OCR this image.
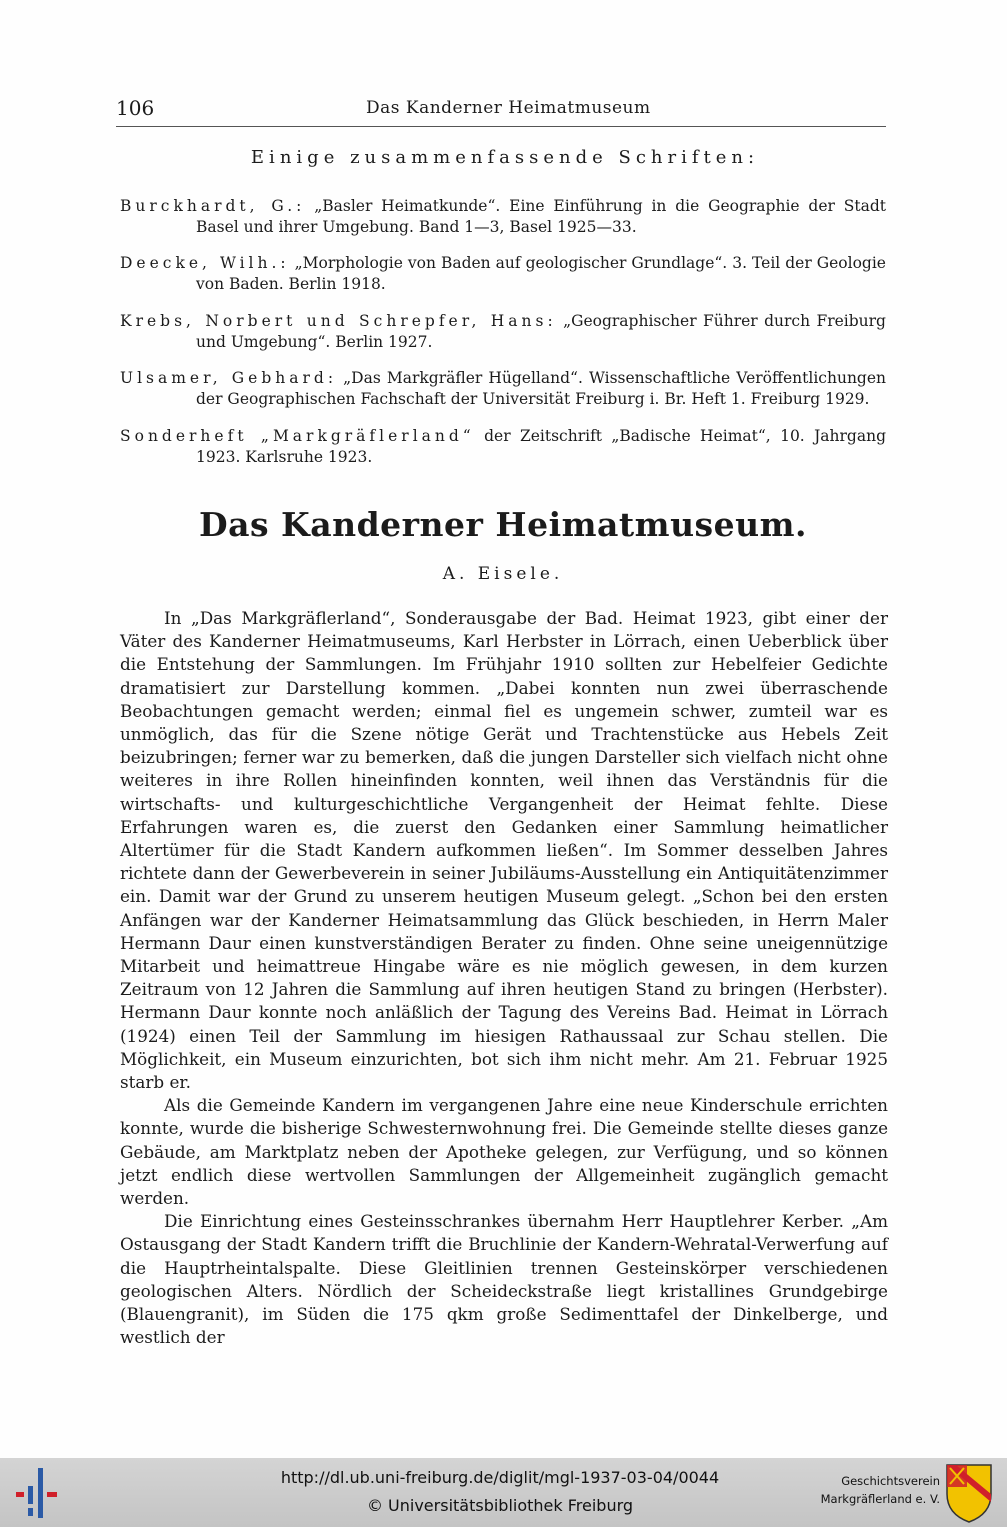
106	Das Kanderner Heimatmuseum
Einige zusammenfassende Schriften:

Burckhardt, G.: „Basler Heimatkunde“. Eine Einführung in die Geographie der Stadt Basel und ihrer Umgebung. Band 1—3, Basel 1925—33.

Deecke, Wilh.: „Morphologie von Baden auf geologischer Grundlage“. 3. Teil der Geologie von Baden. Berlin 1918.

Krebs, Norbert und Schrepfer, Hans: „Geographischer Führer durch Freiburg und Umgebung“. Berlin 1927.

Ulsamer, Gebhard: „Das Markgräfler Hügelland“. Wissenschaftliche Veröffentlichungen der Geographischen Fachschaft der Universität Freiburg i. Br. Heft 1. Freiburg 1929.

Sonderheft „Markgräflerland“ der Zeitschrift „Badische Heimat“, 10. Jahrgang 1923. Karlsruhe 1923.

Das Kanderner Heimatmuseum.
A. Eisele.

In „Das Markgräflerland“, Sonderausgabe der Bad. Heimat 1923, gibt einer der Väter des Kanderner Heimatmuseums, Karl Herbster in Lörrach, einen Ueberblick über die Entstehung der Sammlungen. Im Frühjahr 1910 sollten zur Hebelfeier Gedichte dramatisiert zur Darstellung kommen. „Dabei konnten nun zwei überraschende Beobachtungen gemacht werden; einmal fiel es ungemein schwer, zumteil war es unmöglich, das für die Szene nötige Gerät und Trachtenstücke aus Hebels Zeit beizubringen; ferner war zu bemerken, daß die jungen Darsteller sich vielfach nicht ohne weiteres in ihre Rollen hineinfinden konnten, weil ihnen das Verständnis für die wirtschafts- und kulturgeschichtliche Vergangenheit der Heimat fehlte. Diese Erfahrungen waren es, die zuerst den Gedanken einer Sammlung heimatlicher Altertümer für die Stadt Kandern aufkommen ließen“. Im Sommer desselben Jahres richtete dann der Gewerbeverein in seiner Jubiläums-Ausstellung ein Antiquitätenzimmer ein. Damit war der Grund zu unserem heutigen Museum gelegt. „Schon bei den ersten Anfängen war der Kanderner Heimatsammlung das Glück beschieden, in Herrn Maler Hermann Daur einen kunstverständigen Berater zu finden. Ohne seine uneigennützige Mitarbeit und heimattreue Hingabe wäre es nie möglich gewesen, in dem kurzen Zeitraum von 12 Jahren die Sammlung auf ihren heutigen Stand zu bringen (Herbster). Hermann Daur konnte noch anläßlich der Tagung des Vereins Bad. Heimat in Lörrach (1924) einen Teil der Sammlung im hiesigen Rathaussaal zur Schau stellen. Die Möglichkeit, ein Museum einzurichten, bot sich ihm nicht mehr. Am 21. Februar 1925 starb er.

Als die Gemeinde Kandern im vergangenen Jahre eine neue Kinderschule errichten konnte, wurde die bisherige Schwesternwohnung frei. Die Gemeinde stellte dieses ganze Gebäude, am Marktplatz neben der Apotheke gelegen, zur Verfügung, und so können jetzt endlich diese wertvollen Sammlungen der Allgemeinheit zugänglich gemacht werden.

Die Einrichtung eines Gesteinsschrankes übernahm Herr Hauptlehrer Kerber. „Am Ostausgang der Stadt Kandern trifft die Bruchlinie der Kandern-Wehratal-Verwerfung auf die Hauptrheintalspalte. Diese Gleitlinien trennen Gesteinskörper verschiedenen geologischen Alters. Nördlich der Scheideckstraße liegt kristallines Grundgebirge (Blauengranit), im Süden die 175 qkm große Sedimenttafel der Dinkelberge, und westlich der

http://dl.ub.uni-freiburg.de/diglit/mgl-1937-03-04/0044
© Universitätsbibliothek Freiburg
Geschichtsverein
Markgräflerland e. V.
